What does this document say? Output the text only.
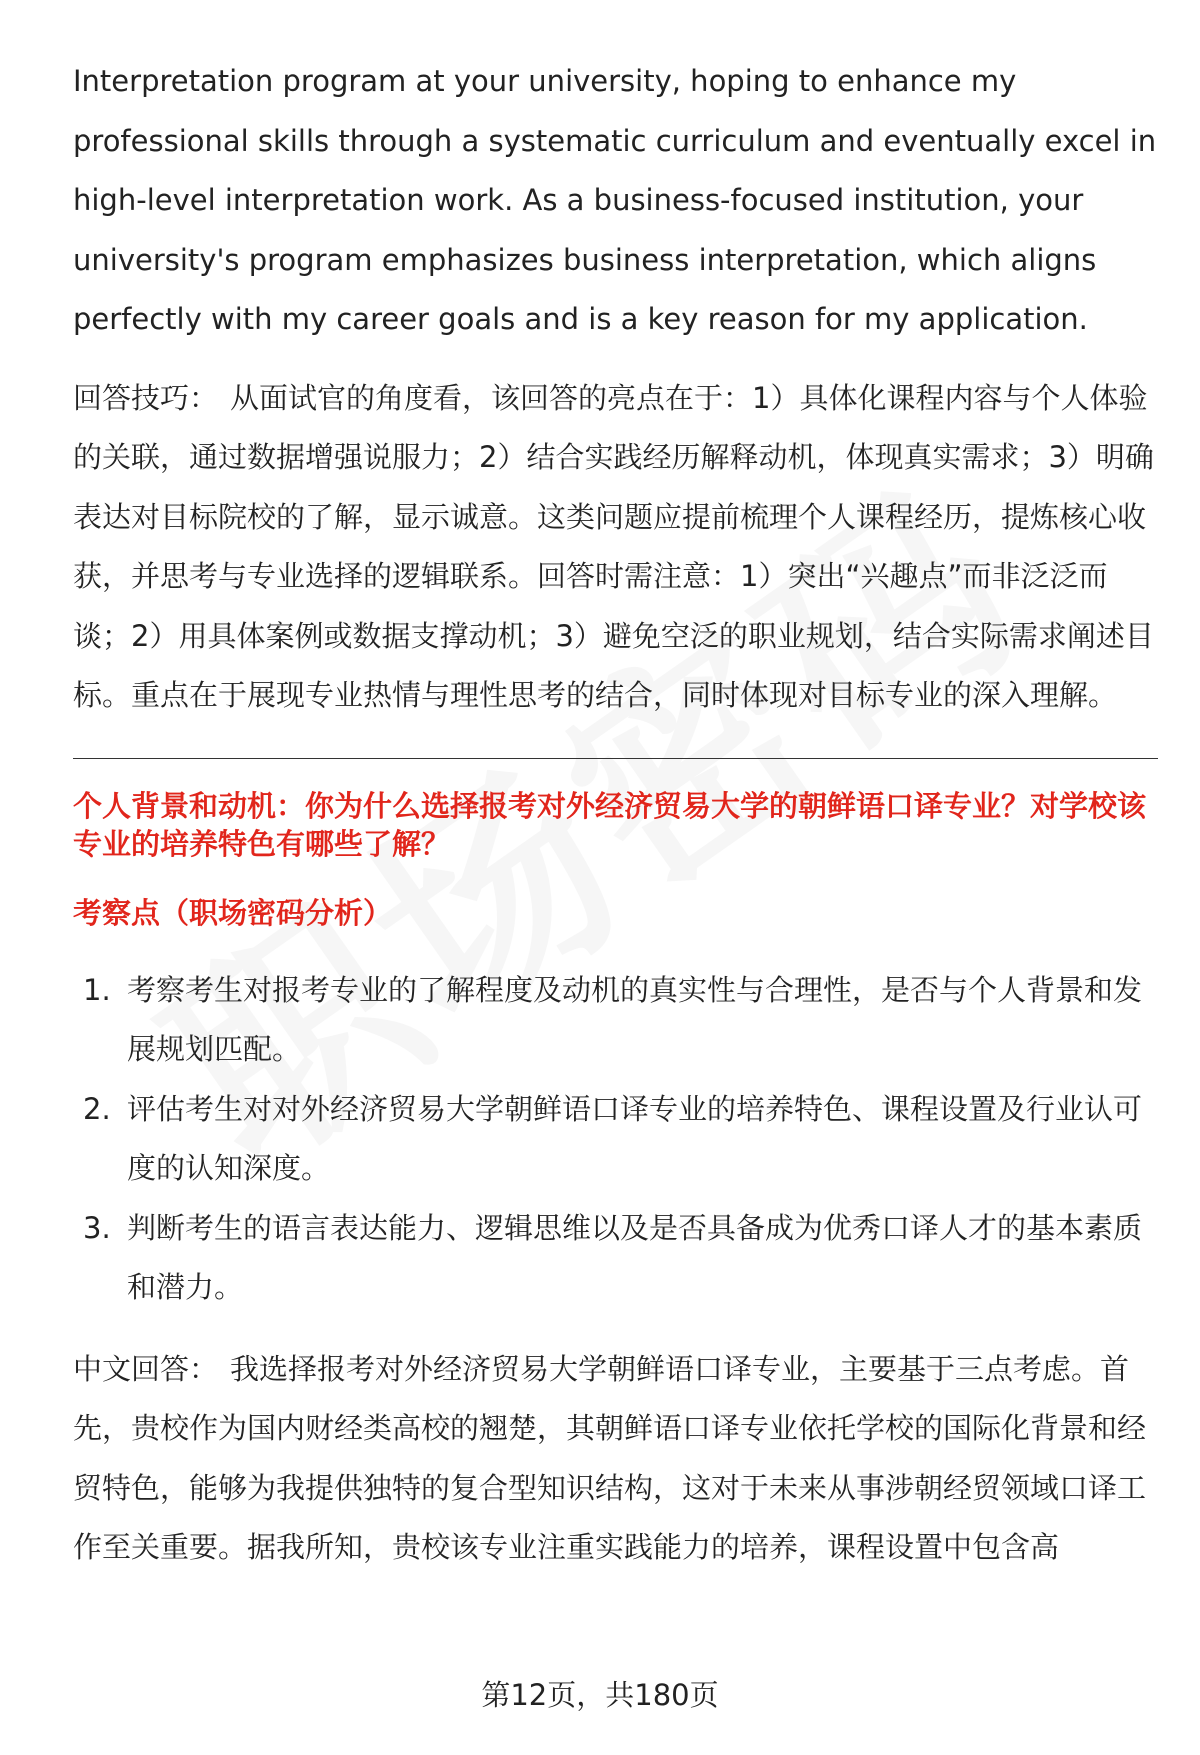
Interpretation program at your university, hoping to enhance my professional skills through a systematic curriculum and eventually excel in high-level interpretation work. As a business-focused institution, your university's program emphasizes business interpretation, which aligns perfectly with my career goals and is a key reason for my application.

回答技巧： 从面试官的角度看，该回答的亮点在于：1）具体化课程内容与个人体验的关联，通过数据增强说服力；2）结合实践经历解释动机，体现真实需求；3）明确表达对目标院校的了解，显示诚意。这类问题应提前梳理个人课程经历，提炼核心收获，并思考与专业选择的逻辑联系。回答时需注意：1）突出“兴趣点”而非泛泛而谈；2）用具体案例或数据支撑动机；3）避免空泛的职业规划，结合实际需求阐述目标。重点在于展现专业热情与理性思考的结合，同时体现对目标专业的深入理解。

个人背景和动机：你为什么选择报考对外经济贸易大学的朝鲜语口译专业？对学校该专业的培养特色有哪些了解？

考察点（职场密码分析）

1. 考察考生对报考专业的了解程度及动机的真实性与合理性，是否与个人背景和发展规划匹配。
2. 评估考生对对外经济贸易大学朝鲜语口译专业的培养特色、课程设置及行业认可度的认知深度。
3. 判断考生的语言表达能力、逻辑思维以及是否具备成为优秀口译人才的基本素质和潜力。

中文回答： 我选择报考对外经济贸易大学朝鲜语口译专业，主要基于三点考虑。首先，贵校作为国内财经类高校的翘楚，其朝鲜语口译专业依托学校的国际化背景和经贸特色，能够为我提供独特的复合型知识结构，这对于未来从事涉朝经贸领域口译工作至关重要。据我所知，贵校该专业注重实践能力的培养，课程设置中包含高

第12页，共180页
